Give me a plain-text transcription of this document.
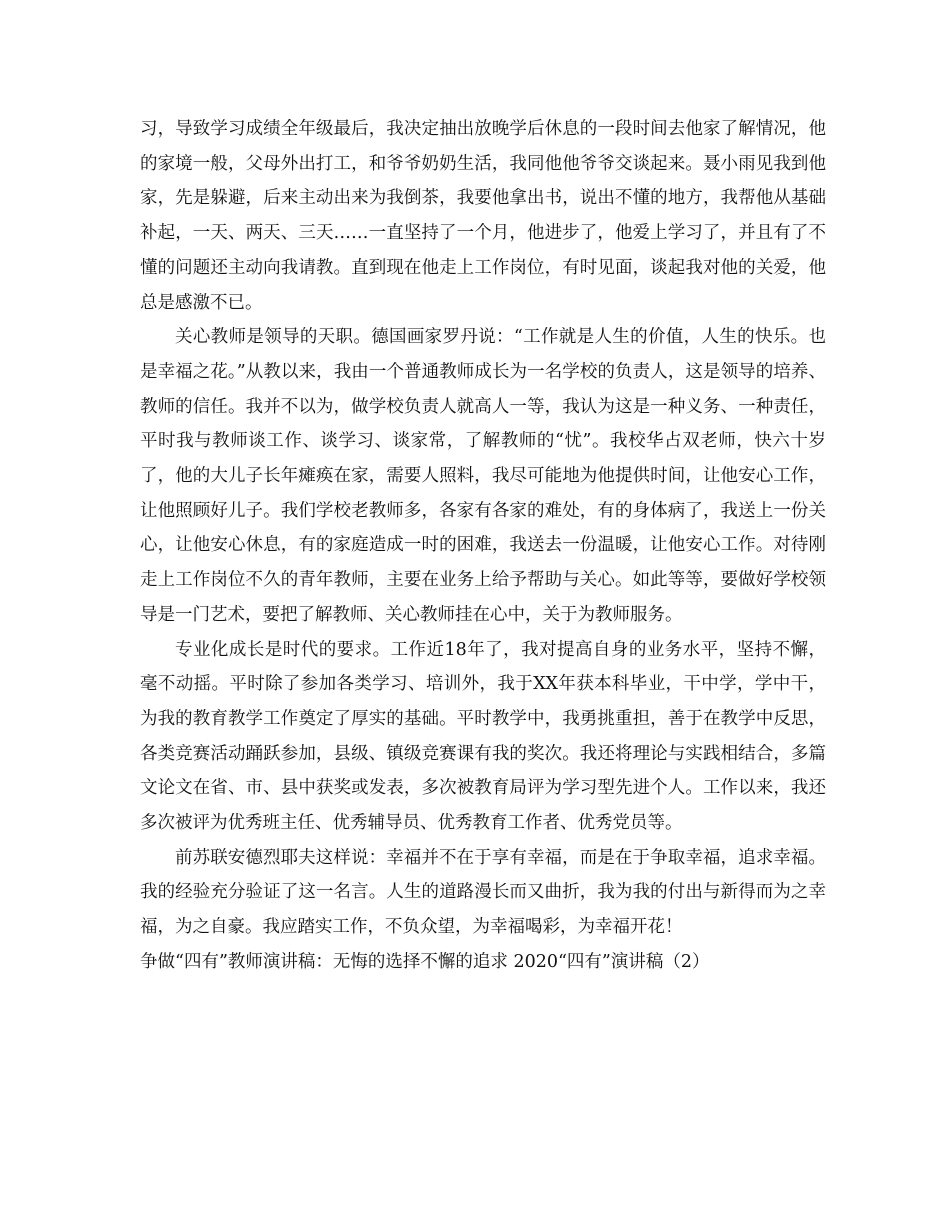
习，导致学习成绩全年级最后，我决定抽出放晚学后休息的一段时间去他家了解情况，他的家境一般，父母外出打工，和爷爷奶奶生活，我同他他爷爷交谈起来。聂小雨见我到他家，先是躲避，后来主动出来为我倒茶，我要他拿出书，说出不懂的地方，我帮他从基础补起，一天、两天、三天……一直坚持了一个月，他进步了，他爱上学习了，并且有了不懂的问题还主动向我请教。直到现在他走上工作岗位，有时见面，谈起我对他的关爱，他总是感激不已。

关心教师是领导的天职。德国画家罗丹说：“工作就是人生的价值，人生的快乐。也是幸福之花。”从教以来，我由一个普通教师成长为一名学校的负责人，这是领导的培养、教师的信任。我并不以为，做学校负责人就高人一等，我认为这是一种义务、一种责任，平时我与教师谈工作、谈学习、谈家常，了解教师的“忧”。我校华占双老师，快六十岁了，他的大儿子长年瘫痪在家，需要人照料，我尽可能地为他提供时间，让他安心工作，让他照顾好儿子。我们学校老教师多，各家有各家的难处，有的身体病了，我送上一份关心，让他安心休息，有的家庭造成一时的困难，我送去一份温暖，让他安心工作。对待刚走上工作岗位不久的青年教师，主要在业务上给予帮助与关心。如此等等，要做好学校领导是一门艺术，要把了解教师、关心教师挂在心中，关于为教师服务。

专业化成长是时代的要求。工作近18年了，我对提高自身的业务水平，坚持不懈，毫不动摇。平时除了参加各类学习、培训外，我于XX年获本科毕业，干中学，学中干，为我的教育教学工作奠定了厚实的基础。平时教学中，我勇挑重担，善于在教学中反思，各类竞赛活动踊跃参加，县级、镇级竞赛课有我的奖次。我还将理论与实践相结合，多篇文论文在省、市、县中获奖或发表，多次被教育局评为学习型先进个人。工作以来，我还多次被评为优秀班主任、优秀辅导员、优秀教育工作者、优秀党员等。

前苏联安德烈耶夫这样说：幸福并不在于享有幸福，而是在于争取幸福，追求幸福。我的经验充分验证了这一名言。人生的道路漫长而又曲折，我为我的付出与新得而为之幸福，为之自豪。我应踏实工作，不负众望，为幸福喝彩，为幸福开花！

争做“四有”教师演讲稿：无悔的选择不懈的追求 2020“四有”演讲稿（2）
